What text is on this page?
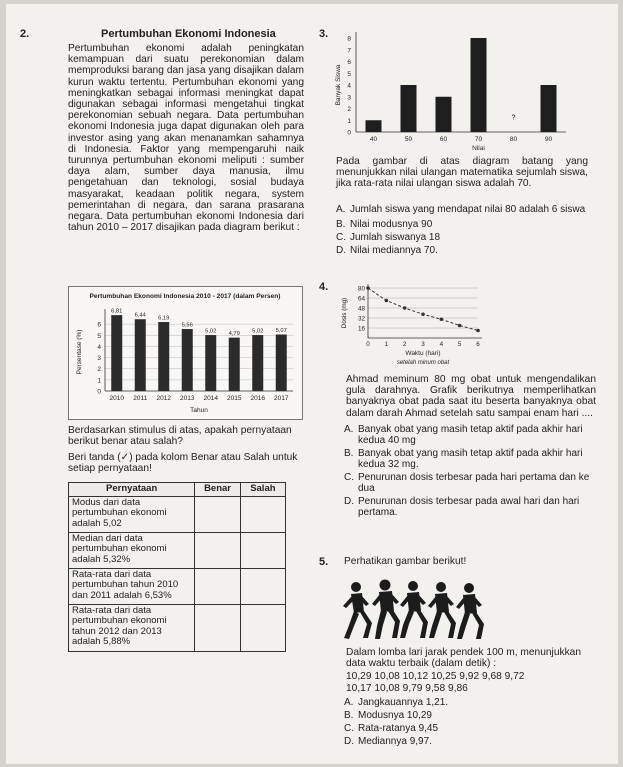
2.	Pertumbuhan Ekonomi Indonesia
Pertumbuhan ekonomi adalah peningkatan kemampuan dari suatu perekonomian dalam memproduksi barang dan jasa yang disajikan dalam kurun waktu tertentu. Pertumbuhan ekonomi yang meningkatkan sebagai informasi meningkat dapat digunakan sebagai informasi mengetahui tingkat perekonomian sebuah negara. Data pertumbuhan ekonomi Indonesia juga dapat digunakan oleh para investor asing yang akan menanamkan sahamnya di Indonesia. Faktor yang mempengaruhi naik turunnya pertumbuhan ekonomi meliputi : sumber daya alam, sumber daya manusia, ilmu pengetahuan dan teknologi, sosial budaya masyarakat, keadaan politik negara, system pemerintahan di negara, dan sarana prasarana negara. Data pertumbuhan ekonomi Indonesia dari tahun 2010 – 2017 disajikan pada diagram berikut :
Pertumbuhan Ekonomi Indonesia 2010 - 2017 (dalam Persen)
0
1
2
3
4
5
6
6,81
2010
6,44
2011
6,19
2012
5,56
2013
5,02
2014
4,79
2015
5,02
2016
5,07
2017
Tahun
Persentase (%)
Berdasarkan stimulus di atas, apakah pernyataan berikut benar atau salah?
Beri tanda (✓) pada kolom Benar atau Salah untuk setiap pernyataan!
Pernyataan	Benar	Salah
Modus dari data pertumbuhan ekonomi adalah 5,02		
Median dari data pertumbuhan ekonomi adalah 5,32%		
Rata-rata dari data pertumbuhan tahun 2010 dan 2011 adalah 6,53%		
Rata-rata dari data pertumbuhan ekonomi tahun 2012 dan 2013 adalah 5,88%		
3.
0
1
2
3
4
5
6
7
8
40	50	60	70
?
80	90
Nilai
Banyak Siswa
Pada gambar di atas diagram batang yang menunjukkan nilai ulangan matematika sejumlah siswa, jika rata-rata nilai ulangan siswa adalah 70.
A. Jumlah siswa yang mendapat nilai 80 adalah 6 siswa
B. Nilai modusnya 90
C. Jumlah siswanya 18
D. Nilai mediannya 70.
4.
16
32
48
64
80
0 1 2 3 4 5 6
Waktu (hari)
setelah minum obat
Dosis (mg)
Ahmad meminum 80 mg obat untuk mengendalikan gula darahnya. Grafik berikutnya memperlihatkan banyaknya obat pada saat itu beserta banyaknya obat dalam darah Ahmad setelah satu sampai enam hari ....
A. Banyak obat yang masih tetap aktif pada akhir hari kedua 40 mg
B. Banyak obat yang masih tetap aktif pada akhir hari kedua 32 mg.
C. Penurunan dosis terbesar pada hari pertama dan ke dua
D. Penurunan dosis terbesar pada awal hari dan hari pertama.
5. Perhatikan gambar berikut!
Dalam lomba lari jarak pendek 100 m, menunjukkan data waktu terbaik (dalam detik) :
10,29 10,08 10,12 10,25 9,92 9,68 9,72
10,17 10,08 9,79 9,58 9,86
A. Jangkauannya 1,21.
B. Modusnya 10,29
C. Rata-ratanya 9,45
D. Mediannya 9,97.
